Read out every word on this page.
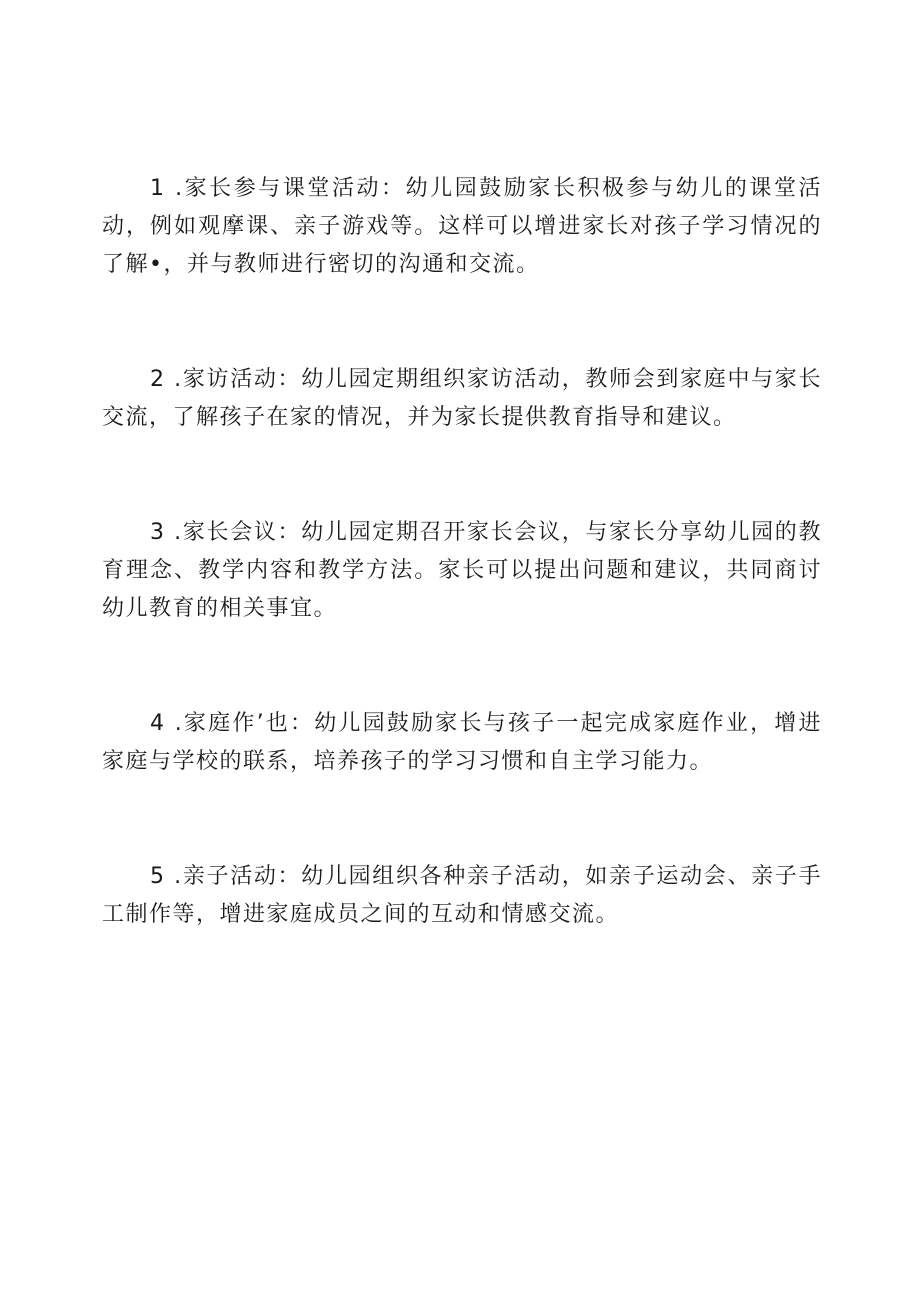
1 .家长参与课堂活动：幼儿园鼓励家长积极参与幼儿的课堂活动，例如观摩课、亲子游戏等。这样可以增进家长对孩子学习情况的了解•，并与教师进行密切的沟通和交流。

2 .家访活动：幼儿园定期组织家访活动，教师会到家庭中与家长交流，了解孩子在家的情况，并为家长提供教育指导和建议。

3 .家长会议：幼儿园定期召开家长会议，与家长分享幼儿园的教育理念、教学内容和教学方法。家长可以提出问题和建议，共同商讨幼儿教育的相关事宜。

4 .家庭作’也：幼儿园鼓励家长与孩子一起完成家庭作业，增进家庭与学校的联系，培养孩子的学习习惯和自主学习能力。

5 .亲子活动：幼儿园组织各种亲子活动，如亲子运动会、亲子手工制作等，增进家庭成员之间的互动和情感交流。
